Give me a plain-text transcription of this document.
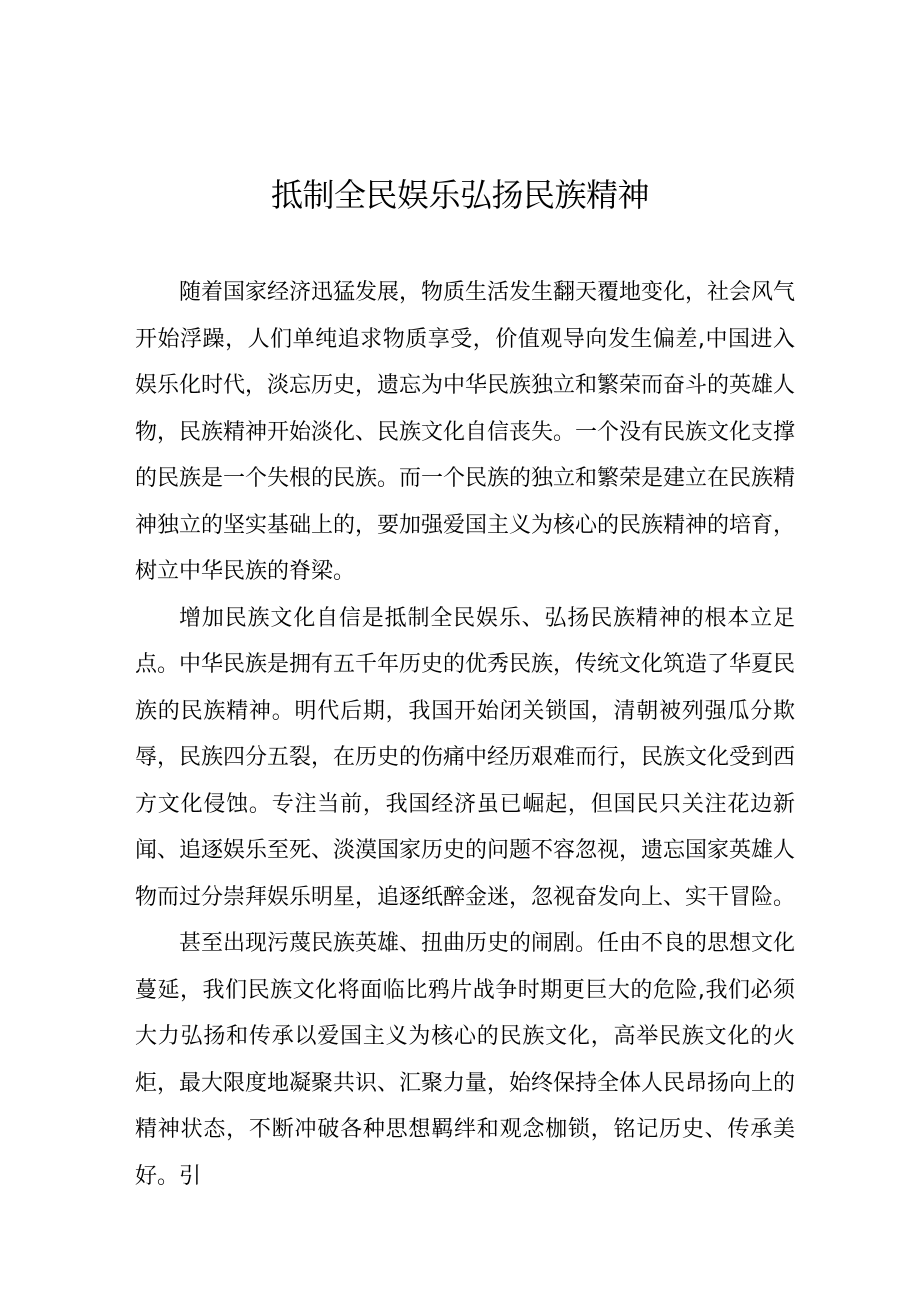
抵制全民娱乐弘扬民族精神

随着国家经济迅猛发展，物质生活发生翻天覆地变化，社会风气开始浮躁，人们单纯追求物质享受，价值观导向发生偏差,中国进入娱乐化时代，淡忘历史，遗忘为中华民族独立和繁荣而奋斗的英雄人物，民族精神开始淡化、民族文化自信丧失。一个没有民族文化支撑的民族是一个失根的民族。而一个民族的独立和繁荣是建立在民族精神独立的坚实基础上的，要加强爱国主义为核心的民族精神的培育，树立中华民族的脊梁。

增加民族文化自信是抵制全民娱乐、弘扬民族精神的根本立足点。中华民族是拥有五千年历史的优秀民族，传统文化筑造了华夏民族的民族精神。明代后期，我国开始闭关锁国，清朝被列强瓜分欺辱，民族四分五裂，在历史的伤痛中经历艰难而行，民族文化受到西方文化侵蚀。专注当前，我国经济虽已崛起，但国民只关注花边新闻、追逐娱乐至死、淡漠国家历史的问题不容忽视，遗忘国家英雄人物而过分崇拜娱乐明星，追逐纸醉金迷，忽视奋发向上、实干冒险。

甚至出现污蔑民族英雄、扭曲历史的闹剧。任由不良的思想文化蔓延，我们民族文化将面临比鸦片战争时期更巨大的危险,我们必须大力弘扬和传承以爱国主义为核心的民族文化，高举民族文化的火炬，最大限度地凝聚共识、汇聚力量，始终保持全体人民昂扬向上的精神状态，不断冲破各种思想羁绊和观念枷锁，铭记历史、传承美好。引
